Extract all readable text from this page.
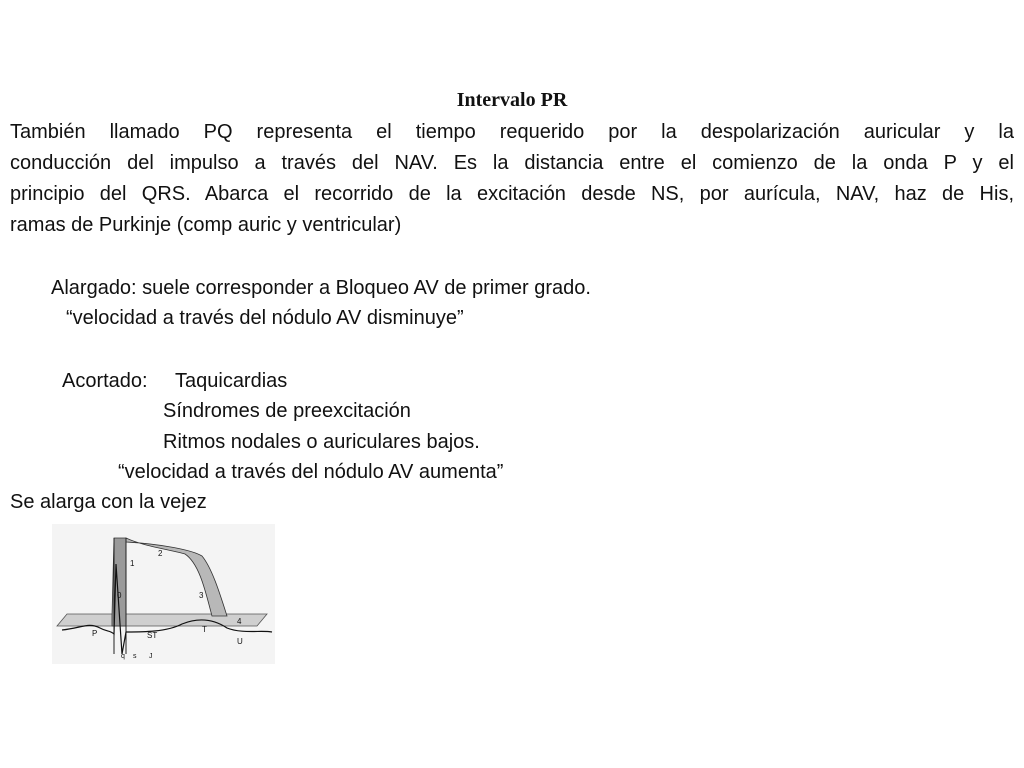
Intervalo PR
También llamado PQ representa el tiempo requerido por la despolarización auricular y la
conducción del impulso a través del NAV. Es la distancia entre el comienzo de la onda P y el
principio del QRS. Abarca el recorrido de la excitación desde NS, por aurícula, NAV, haz de His,
ramas de Purkinje (comp auric y ventricular)
Alargado: suele corresponder a Bloqueo AV de primer grado.
“velocidad a través del nódulo AV disminuye”
Acortado: Taquicardias
Síndromes de preexcitación
Ritmos nodales o auriculares bajos.
“velocidad a través del nódulo AV aumenta”
Se alarga con la vejez
0
1
2
3
4
P	ST
T
U
q s J
